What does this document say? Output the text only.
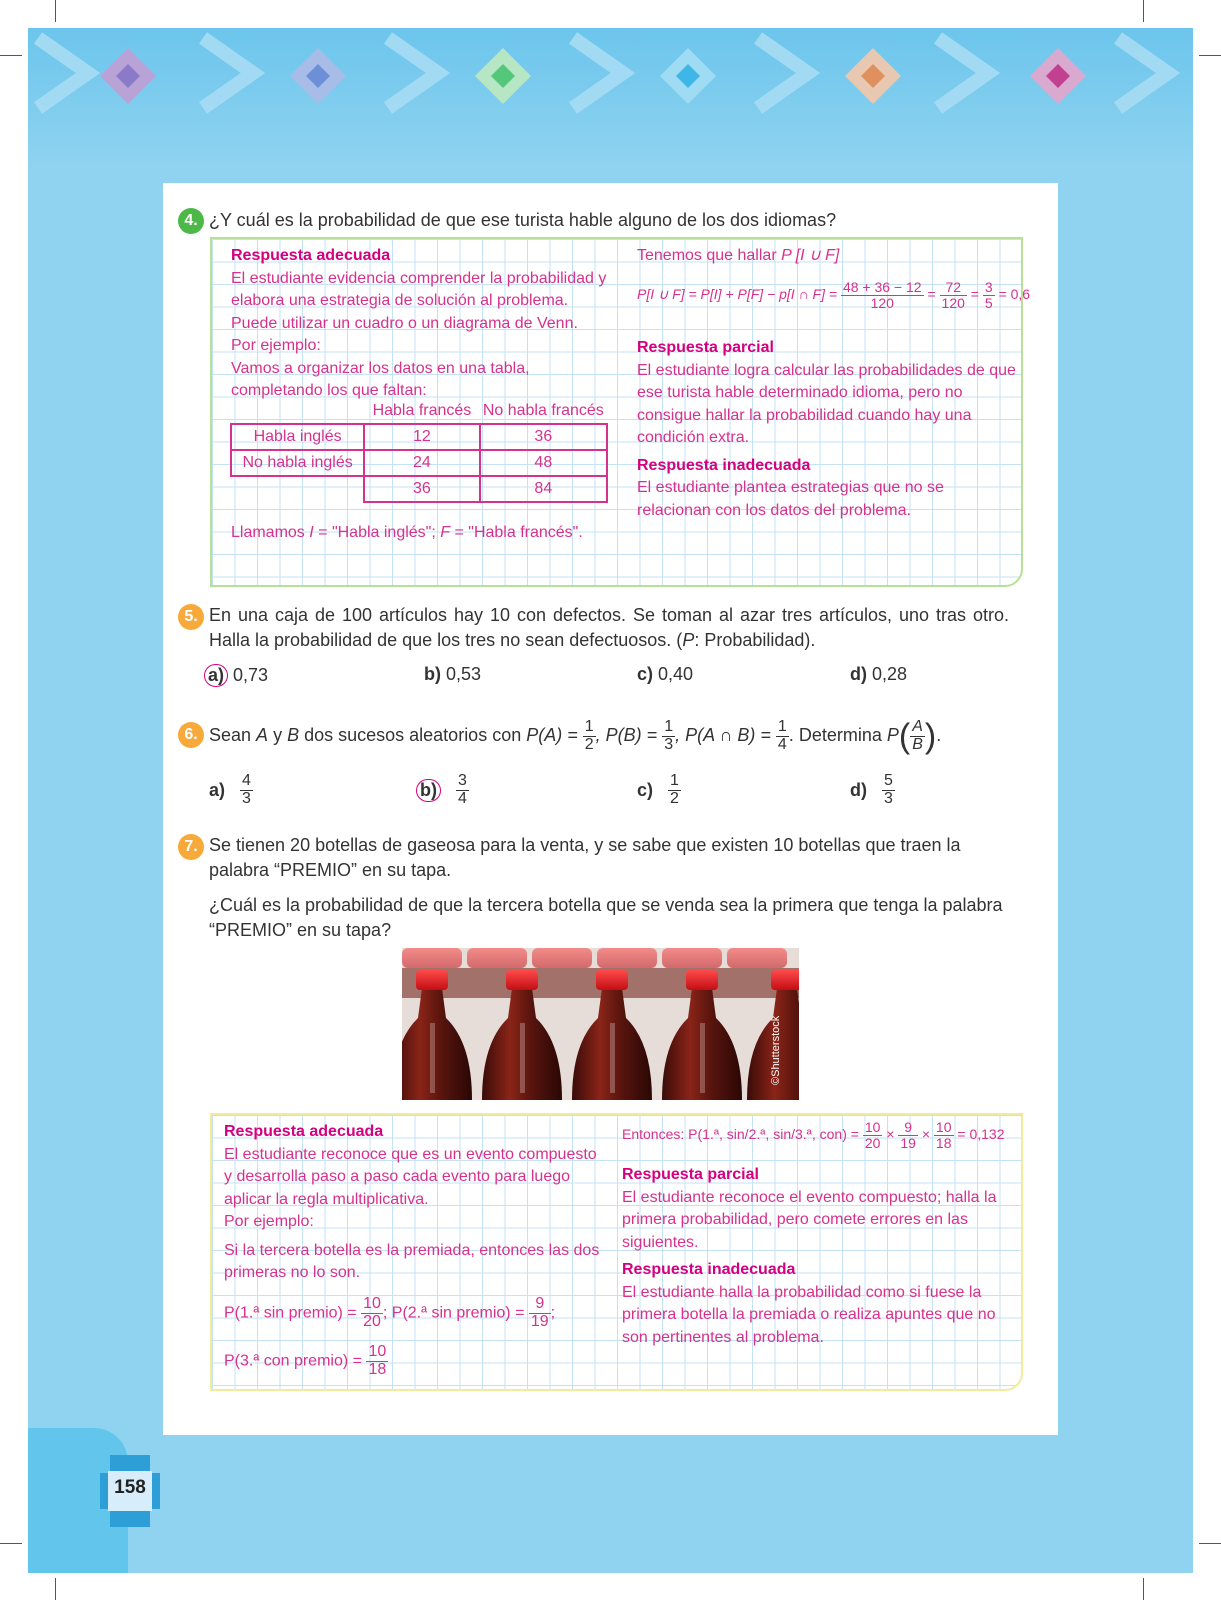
158
4. ¿Y cuál es la probabilidad de que ese turista hable alguno de los dos idiomas?
Respuesta adecuada
El estudiante evidencia comprender la probabilidad y elabora una estrategia de solución al problema. Puede utilizar un cuadro o un diagrama de Venn.
Por ejemplo:
Vamos a organizar los datos en una tabla, completando los que faltan:
	Habla francés	No habla francés
Habla inglés	12	36
No habla inglés	24	48
	36	84
Llamamos I = "Habla inglés"; F = "Habla francés".
Tenemos que hallar P [I ∪ F]
P[I ∪ F] = P[I] + P[F] − p[I ∩ $F] = \frac{48 + 36 - 12}{120} = \frac{72}{120} = \frac{3}{5} = 0,6$
Respuesta parcial
El estudiante logra calcular las probabilidades de que ese turista hable determinado idioma, pero no consigue hallar la probabilidad cuando hay una condición extra.
Respuesta inadecuada
El estudiante plantea estrategias que no se relacionan con los datos del problema.
5. En una caja de 100 artículos hay 10 con defectos. Se toman al azar tres artículos, uno tras otro. Halla la probabilidad de que los tres no sean defectuosos. (P: Probabilidad).
a) 0,73	b) 0,53	c) 0,40	d) 0,28
6. Sean A y B dos sucesos aleatorios con $P(A) = \frac{1}{2}$ , $P(B) = \frac{1}{3}$ , P(A ∩ $B) = \frac{1}{4}$ . Determina $P( \frac{A}{B}$ )
$a) \frac{4}{3}$	$b) \frac{3}{4}$	$c) \frac{1}{2}$	$d) \frac{5}{3}$
7. Se tienen 20 botellas de gaseosa para la venta, y se sabe que existen 10 botellas que traen la palabra “PREMIO” en su tapa.
¿Cuál es la probabilidad de que la tercera botella que se venda sea la primera que tenga la palabra “PREMIO” en su tapa?
©Shutterstock
Respuesta adecuada
El estudiante reconoce que es un evento compuesto y desarrolla paso a paso cada evento para luego aplicar la regla multiplicativa.
Por ejemplo:
Si la tercera botella es la premiada, entonces las dos primeras no lo son.
P(1.ª sin premio) = $\frac{10}{20}$ ; P(2.ª sin premio) = $\frac{9}{19}$ ;
P(3.ª con premio) = $\frac{10}{18}$
Entonces: P(1.ª, sin/2.ª, sin/3.ª, $con) = \frac{10}{20} \times \frac{9}{19} \times \frac{10}{18} = 0,132$
Respuesta parcial
El estudiante reconoce el evento compuesto; halla la primera probabilidad, pero comete errores en las siguientes.
Respuesta inadecuada
El estudiante halla la probabilidad como si fuese la primera botella la premiada o realiza apuntes que no son pertinentes al problema.
